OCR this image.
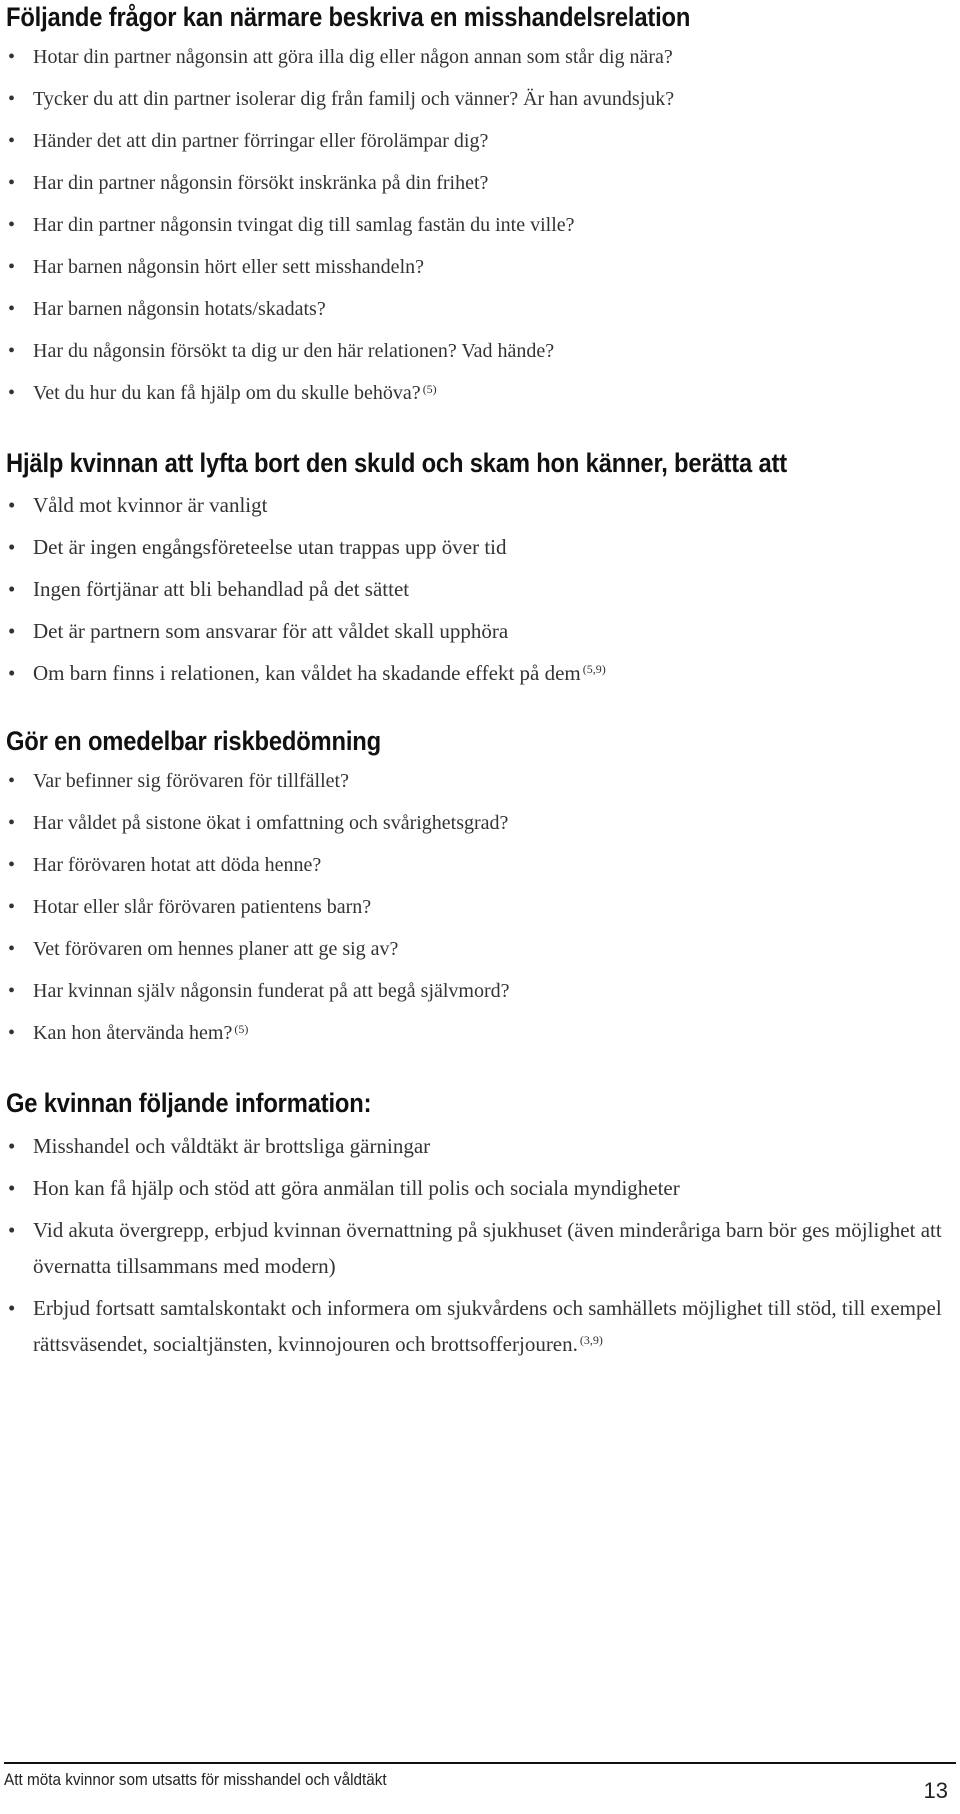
Följande frågor kan närmare beskriva en misshandelsrelation
• Hotar din partner någonsin att göra illa dig eller någon annan som står dig nära?
• Tycker du att din partner isolerar dig från familj och vänner? Är han avundsjuk?
• Händer det att din partner förringar eller förolämpar dig?
• Har din partner någonsin försökt inskränka på din frihet?
• Har din partner någonsin tvingat dig till samlag fastän du inte ville?
• Har barnen någonsin hört eller sett misshandeln?
• Har barnen någonsin hotats/skadats?
• Har du någonsin försökt ta dig ur den här relationen? Vad hände?
• Vet du hur du kan få hjälp om du skulle behöva? $^{(5)}$
Hjälp kvinnan att lyfta bort den skuld och skam hon känner, berätta att
• Våld mot kvinnor är vanligt
• Det är ingen engångsföreteelse utan trappas upp över tid
• Ingen förtjänar att bli behandlad på det sättet
• Det är partnern som ansvarar för att våldet skall upphöra
• Om barn finns i relationen, kan våldet ha skadande effekt på dem $^{(5,9)}$
Gör en omedelbar riskbedömning
• Var befinner sig förövaren för tillfället?
• Har våldet på sistone ökat i omfattning och svårighetsgrad?
• Har förövaren hotat att döda henne?
• Hotar eller slår förövaren patientens barn?
• Vet förövaren om hennes planer att ge sig av?
• Har kvinnan själv någonsin funderat på att begå självmord?
• Kan hon återvända hem? $^{(5)}$
Ge kvinnan följande information:
• Misshandel och våldtäkt är brottsliga gärningar
• Hon kan få hjälp och stöd att göra anmälan till polis och sociala myndigheter
• Vid akuta övergrepp, erbjud kvinnan övernattning på sjukhuset (även minderåriga barn bör ges möjlighet att övernatta tillsammans med modern)
• Erbjud fortsatt samtalskontakt och informera om sjukvårdens och samhällets möjlighet till stöd, till exempel rättsväsendet, socialtjänsten, kvinnojouren och brottsofferjouren. $^{(3,9)}$
Att möta kvinnor som utsatts för misshandel och våldtäkt	13
